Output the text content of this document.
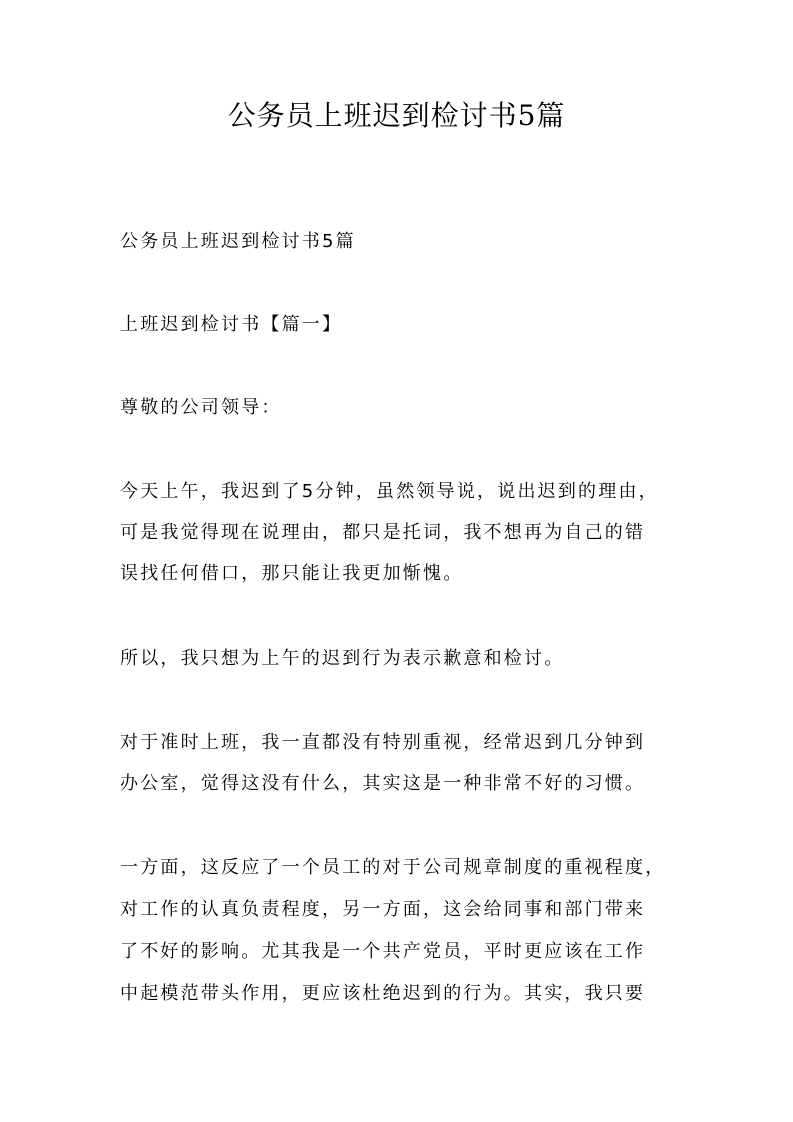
公务员上班迟到检讨书5篇
公务员上班迟到检讨书5篇
上班迟到检讨书【篇一】
尊敬的公司领导：
今天上午，我迟到了5分钟，虽然领导说，说出迟到的理由，
可是我觉得现在说理由，都只是托词，我不想再为自己的错
误找任何借口，那只能让我更加惭愧。
所以，我只想为上午的迟到行为表示歉意和检讨。
对于准时上班，我一直都没有特别重视，经常迟到几分钟到
办公室，觉得这没有什么，其实这是一种非常不好的习惯。
一方面，这反应了一个员工的对于公司规章制度的重视程度，
对工作的认真负责程度，另一方面，这会给同事和部门带来
了不好的影响。尤其我是一个共产党员，平时更应该在工作
中起模范带头作用，更应该杜绝迟到的行为。其实，我只要
